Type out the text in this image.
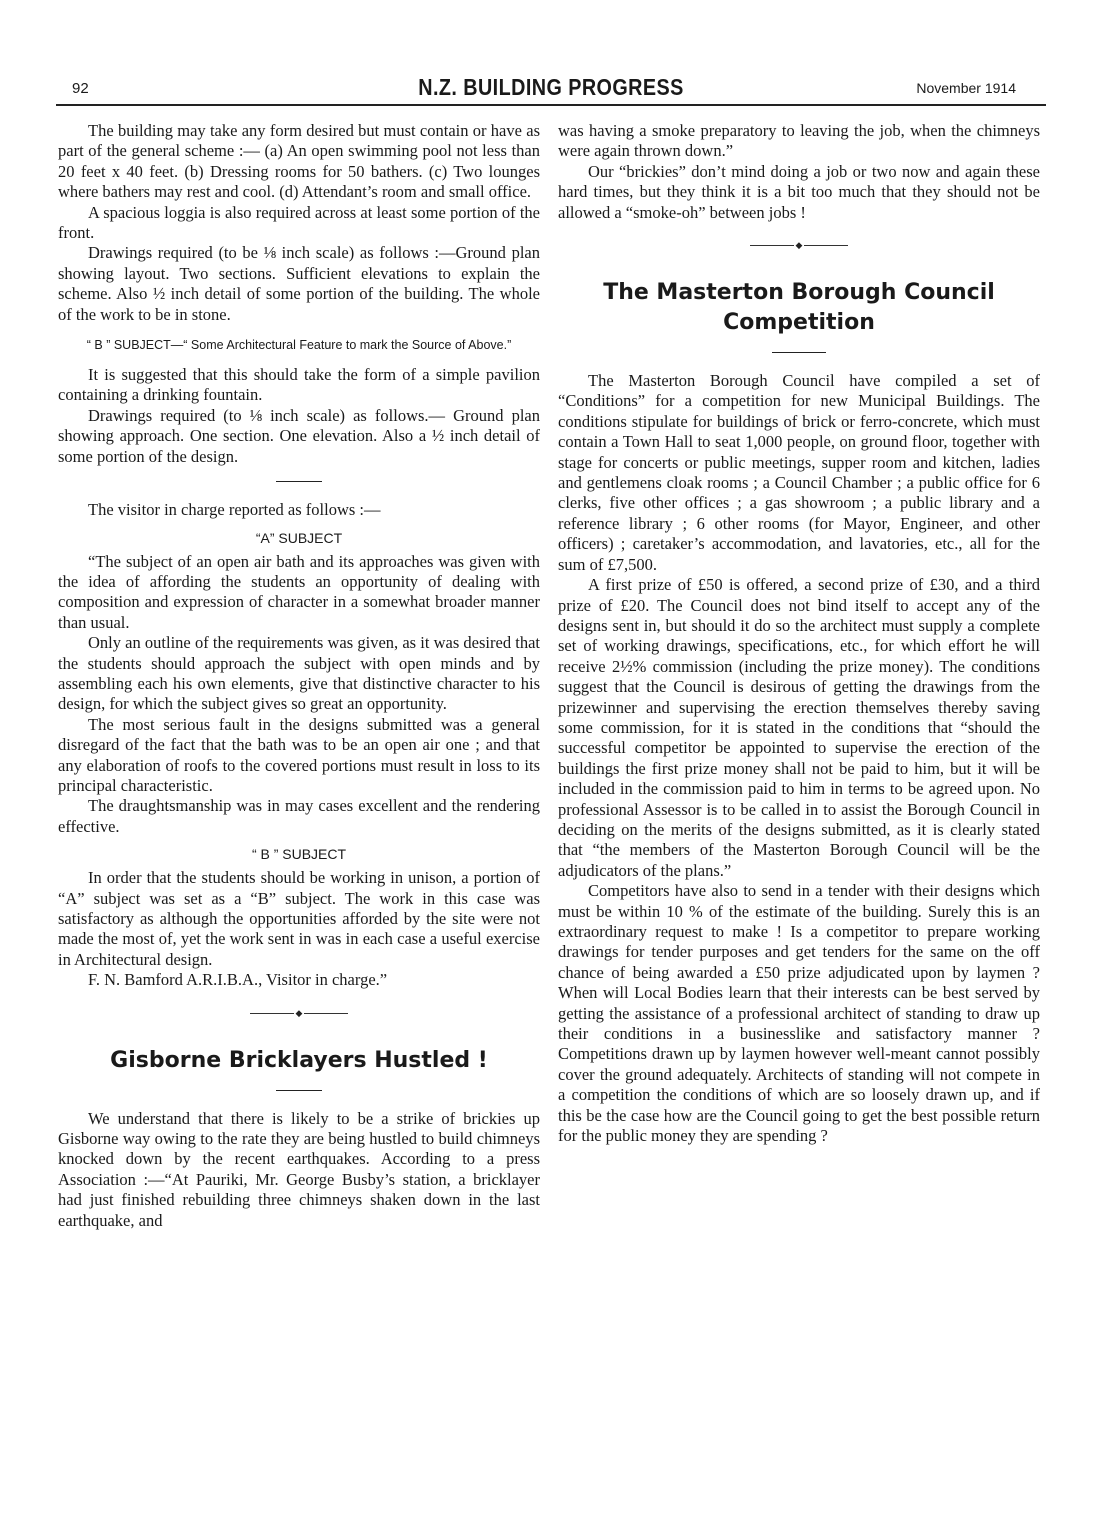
92	N.Z. BUILDING PROGRESS	November 1914

The building may take any form desired but must contain or have as part of the general scheme :— (a) An open swimming pool not less than 20 feet x 40 feet. (b) Dressing rooms for 50 bathers. (c) Two lounges where bathers may rest and cool. (d) Attendant’s room and small office.

A spacious loggia is also required across at least some portion of the front.

Drawings required (to be ⅛ inch scale) as follows :—Ground plan showing layout. Two sections. Sufficient elevations to explain the scheme. Also ½ inch detail of some portion of the building. The whole of the work to be in stone.

“ B ” SUBJECT—“ Some Architectural Feature to mark the Source of Above.”

It is suggested that this should take the form of a simple pavilion containing a drinking fountain.

Drawings required (to ⅛ inch scale) as follows.— Ground plan showing approach. One section. One elevation. Also a ½ inch detail of some portion of the design.

The visitor in charge reported as follows :—

“A” SUBJECT

“The subject of an open air bath and its approaches was given with the idea of affording the students an opportunity of dealing with composition and expression of character in a somewhat broader manner than usual.

Only an outline of the requirements was given, as it was desired that the students should approach the subject with open minds and by assembling each his own elements, give that distinctive character to his design, for which the subject gives so great an opportunity.

The most serious fault in the designs submitted was a general disregard of the fact that the bath was to be an open air one ; and that any elaboration of roofs to the covered portions must result in loss to its principal characteristic.

The draughtsmanship was in may cases excellent and the rendering effective.

“ B ” SUBJECT

In order that the students should be working in unison, a portion of “A” subject was set as a “B” subject. The work in this case was satisfactory as although the opportunities afforded by the site were not made the most of, yet the work sent in was in each case a useful exercise in Architectural design.

F. N. Bamford A.R.I.B.A., Visitor in charge.”

◆
Gisborne Bricklayers Hustled !

We understand that there is likely to be a strike of brickies up Gisborne way owing to the rate they are being hustled to build chimneys knocked down by the recent earthquakes. According to a press Association :—“At Pauriki, Mr. George Busby’s station, a bricklayer had just finished rebuilding three chimneys shaken down in the last earthquake, and

was having a smoke preparatory to leaving the job, when the chimneys were again thrown down.”

Our “brickies” don’t mind doing a job or two now and again these hard times, but they think it is a bit too much that they should not be allowed a “smoke-oh” between jobs !

◆
The Masterton Borough Council
Competition

The Masterton Borough Council have compiled a set of “Conditions” for a competition for new Municipal Buildings. The conditions stipulate for buildings of brick or ferro-concrete, which must contain a Town Hall to seat 1,000 people, on ground floor, together with stage for concerts or public meetings, supper room and kitchen, ladies and gentlemens cloak rooms ; a Council Chamber ; a public office for 6 clerks, five other offices ; a gas showroom ; a public library and a reference library ; 6 other rooms (for Mayor, Engineer, and other officers) ; caretaker’s accommodation, and lavatories, etc., all for the sum of £7,500.

A first prize of £50 is offered, a second prize of £30, and a third prize of £20. The Council does not bind itself to accept any of the designs sent in, but should it do so the architect must supply a complete set of working drawings, specifications, etc., for which effort he will receive 2½% commission (including the prize money). The conditions suggest that the Council is desirous of getting the drawings from the prizewinner and supervising the erection themselves thereby saving some commission, for it is stated in the conditions that “should the successful competitor be appointed to supervise the erection of the buildings the first prize money shall not be paid to him, but it will be included in the commission paid to him in terms to be agreed upon. No professional Assessor is to be called in to assist the Borough Council in deciding on the merits of the designs submitted, as it is clearly stated that “the members of the Masterton Borough Council will be the adjudicators of the plans.”

Competitors have also to send in a tender with their designs which must be within 10 % of the estimate of the building. Surely this is an extraordinary request to make ! Is a competitor to prepare working drawings for tender purposes and get tenders for the same on the off chance of being awarded a £50 prize adjudicated upon by laymen ? When will Local Bodies learn that their interests can be best served by getting the assistance of a professional architect of standing to draw up their conditions in a businesslike and satisfactory manner ? Competitions drawn up by laymen however well-meant cannot possibly cover the ground adequately. Architects of standing will not compete in a competition the conditions of which are so loosely drawn up, and if this be the case how are the Council going to get the best possible return for the public money they are spending ?
